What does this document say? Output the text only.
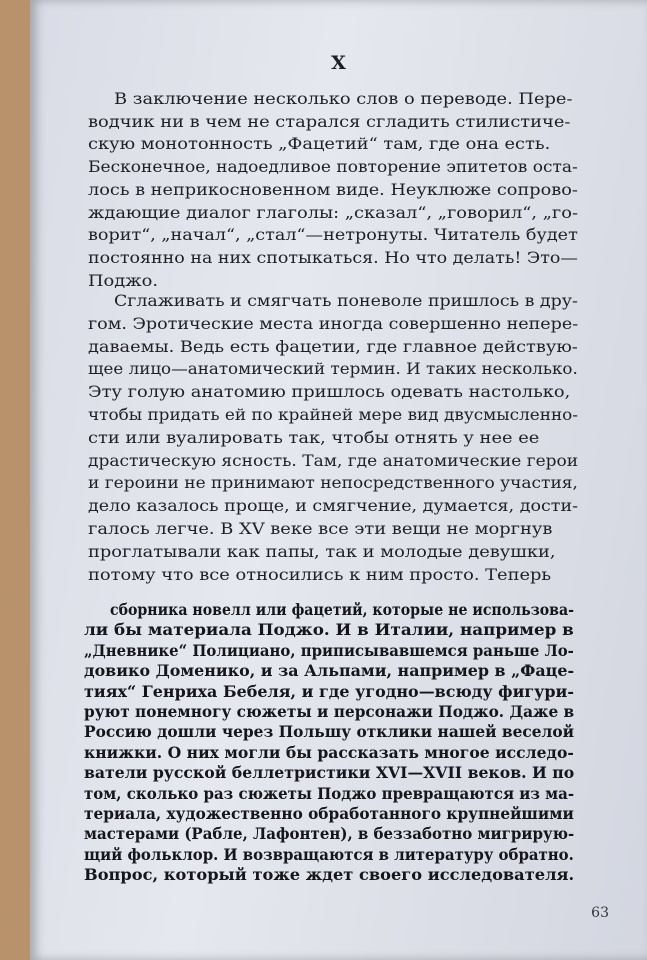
X
В заключение несколько слов о переводе. Пере-
водчик ни в чем не старался сгладить стилистиче-
скую монотонность „Фацетий“ там, где она есть.
Бесконечное, надоедливое повторение эпитетов оста-
лось в неприкосновенном виде. Неуклюже сопрово-
ждающие диалог глаголы: „сказал“, „говорил“, „го-
ворит“, „начал“, „стал“—нетронуты. Читатель будет
постоянно на них спотыкаться. Но что делать! Это—
Поджо.
Сглаживать и смягчать поневоле пришлось в дру-
гом. Эротические места иногда совершенно непере-
даваемы. Ведь есть фацетии, где главное действую-
щее лицо—анатомический термин. И таких несколько.
Эту голую анатомию пришлось одевать настолько,
чтобы придать ей по крайней мере вид двусмысленно-
сти или вуалировать так, чтобы отнять у нее ее
драстическую ясность. Там, где анатомические герои
и героини не принимают непосредственного участия,
дело казалось проще, и смягчение, думается, дости-
галось легче. В XV веке все эти вещи не моргнув
проглатывали как папы, так и молодые девушки,
потому что все относились к ним просто. Теперь
сборника новелл или фацетий, которые не использова-
ли бы материала Поджо. И в Италии, например в
„Дневнике“ Полициано, приписывавшемся раньше Ло-
довико Доменико, и за Альпами, например в „Фаце-
тиях“ Генриха Бебеля, и где угодно—всюду фигури-
руют понемногу сюжеты и персонажи Поджо. Даже в
Россию дошли через Польшу отклики нашей веселой
книжки. О них могли бы рассказать многое исследо-
ватели русской беллетристики XVI—XVII веков. И по
том, сколько раз сюжеты Поджо превращаются из ма-
териала, художественно обработанного крупнейшими
мастерами (Рабле, Лафонтен), в беззаботно мигрирую-
щий фольклор. И возвращаются в литературу обратно.
Вопрос, который тоже ждет своего исследователя.
63
